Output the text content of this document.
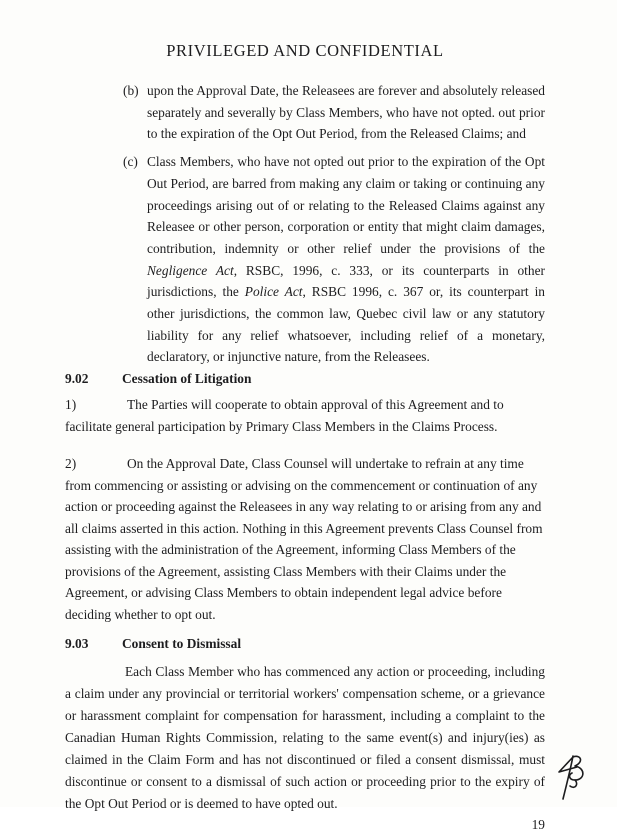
PRIVILEGED AND CONFIDENTIAL

(b) upon the Approval Date, the Releasees are forever and absolutely released separately and severally by Class Members, who have not opted. out prior to the expiration of the Opt Out Period, from the Released Claims; and

(c) Class Members, who have not opted out prior to the expiration of the Opt Out Period, are barred from making any claim or taking or continuing any proceedings arising out of or relating to the Released Claims against any Releasee or other person, corporation or entity that might claim damages, contribution, indemnity or other relief under the provisions of the Negligence Act, RSBC, 1996, c. 333, or its counterparts in other jurisdictions, the Police Act, RSBC 1996, c. 367 or, its counterpart in other jurisdictions, the common law, Quebec civil law or any statutory liability for any relief whatsoever, including relief of a monetary, declaratory, or injunctive nature, from the Releasees.

9.02	Cessation of Litigation

1)	The Parties will cooperate to obtain approval of this Agreement and to facilitate general participation by Primary Class Members in the Claims Process.

2)	On the Approval Date, Class Counsel will undertake to refrain at any time from commencing or assisting or advising on the commencement or continuation of any action or proceeding against the Releasees in any way relating to or arising from any and all claims asserted in this action. Nothing in this Agreement prevents Class Counsel from assisting with the administration of the Agreement, informing Class Members of the provisions of the Agreement, assisting Class Members with their Claims under the Agreement, or advising Class Members to obtain independent legal advice before deciding whether to opt out.

9.03	Consent to Dismissal

Each Class Member who has commenced any action or proceeding, including a claim under any provincial or territorial workers' compensation scheme, or a grievance or harassment complaint for compensation for harassment, including a complaint to the Canadian Human Rights Commission, relating to the same event(s) and injury(ies) as claimed in the Claim Form and has not discontinued or filed a consent dismissal, must discontinue or consent to a dismissal of such action or proceeding prior to the expiry of the Opt Out Period or is deemed to have opted out.

19
